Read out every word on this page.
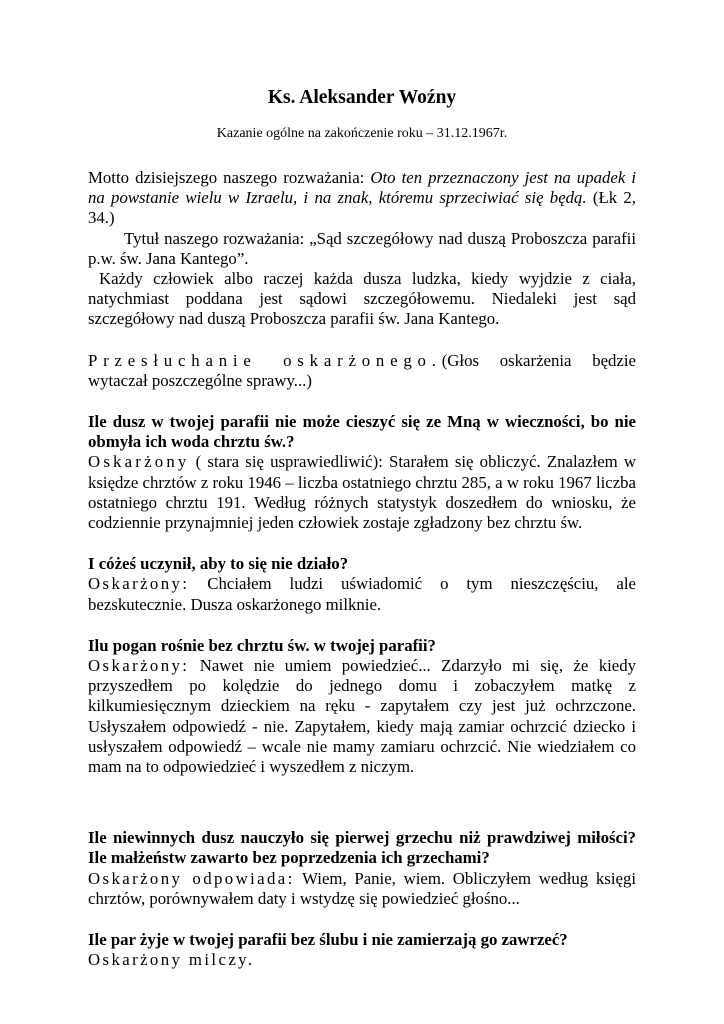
Ks. Aleksander Woźny
Kazanie ogólne na zakończenie roku – 31.12.1967r.

Motto dzisiejszego naszego rozważania: Oto ten przeznaczony jest na upadek i na powstanie wielu w Izraelu, i na znak, któremu sprzeciwiać się będą. (Łk 2, 34.)

Tytuł naszego rozważania: „Sąd szczegółowy nad duszą Proboszcza parafii p.w. św. Jana Kantego”.

Każdy człowiek albo raczej każda dusza ludzka, kiedy wyjdzie z ciała, natychmiast poddana jest sądowi szczegółowemu. Niedaleki jest sąd szczegółowy nad duszą Proboszcza parafii św. Jana Kantego.

Przesłuchanie oskarżonego.(Głos oskarżenia będzie wytaczał poszczególne sprawy...)

Ile dusz w twojej parafii nie może cieszyć się ze Mną w wieczności, bo nie obmyła ich woda chrztu św.?

Oskarżony ( stara się usprawiedliwić): Starałem się obliczyć. Znalazłem w księdze chrztów z roku 1946 – liczba ostatniego chrztu 285, a w roku 1967 liczba ostatniego chrztu 191. Według różnych statystyk doszedłem do wniosku, że codziennie przynajmniej jeden człowiek zostaje zgładzony bez chrztu św.

I cóżeś uczynił, aby to się nie działo?

Oskarżony: Chciałem ludzi uświadomić o tym nieszczęściu, ale bezskutecznie. Dusza oskarżonego milknie.

Ilu pogan rośnie bez chrztu św. w twojej parafii?

Oskarżony: Nawet nie umiem powiedzieć... Zdarzyło mi się, że kiedy przyszedłem po kolędzie do jednego domu i zobaczyłem matkę z kilkumiesięcznym dzieckiem na ręku - zapytałem czy jest już ochrzczone. Usłyszałem odpowiedź - nie. Zapytałem, kiedy mają zamiar ochrzcić dziecko i usłyszałem odpowiedź – wcale nie mamy zamiaru ochrzcić. Nie wiedziałem co mam na to odpowiedzieć i wyszedłem z niczym.

Ile niewinnych dusz nauczyło się pierwej grzechu niż prawdziwej miłości? Ile małżeństw zawarto bez poprzedzenia ich grzechami?

Oskarżony odpowiada: Wiem, Panie, wiem. Obliczyłem według księgi chrztów, porównywałem daty i wstydzę się powiedzieć głośno...

Ile par żyje w twojej parafii bez ślubu i nie zamierzają go zawrzeć?

Oskarżony milczy.
